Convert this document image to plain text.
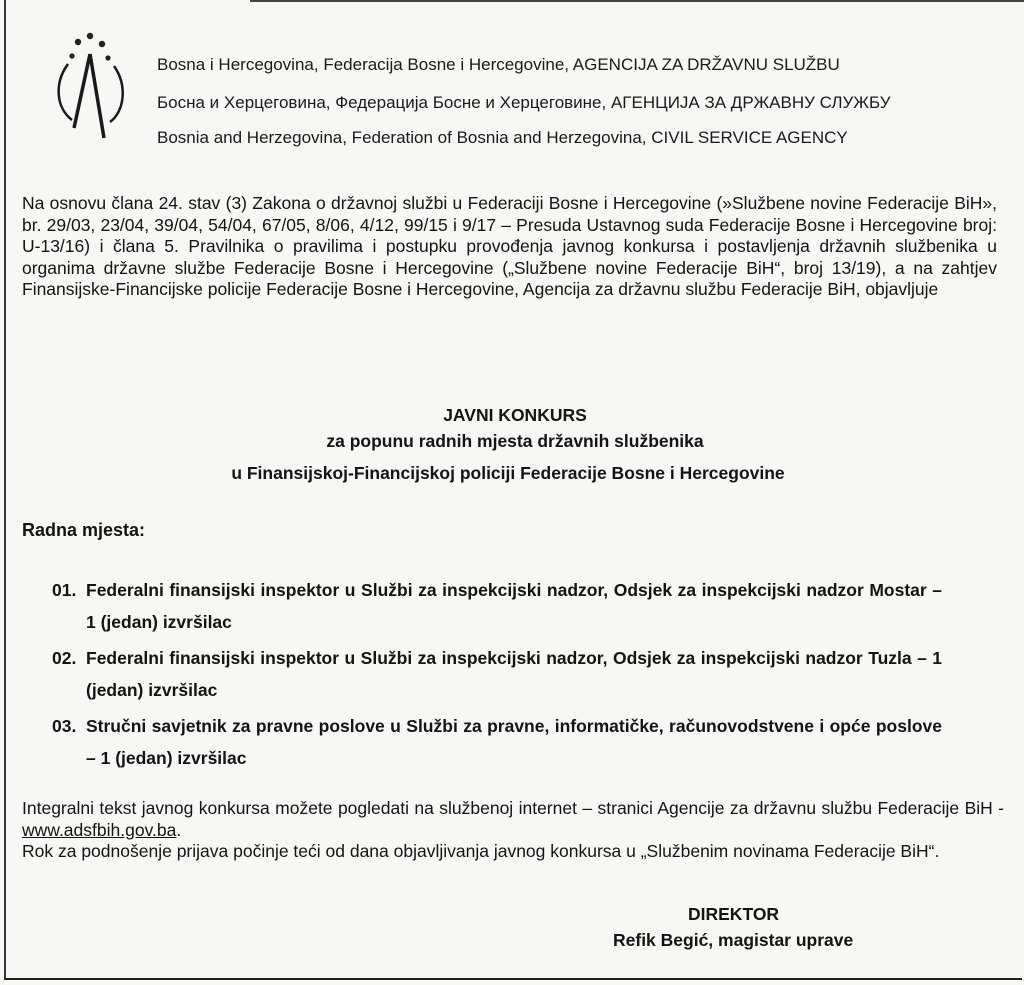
Bosna i Hercegovina, Federacija Bosne i Hercegovine, AGENCIJA ZA DRŽAVNU SLUŽBU
Босна и Херцеговина, Федерација Босне и Херцеговине, АГЕНЦИЈА ЗА ДРЖАВНУ СЛУЖБУ
Bosnia and Herzegovina, Federation of Bosnia and Herzegovina, CIVIL SERVICE AGENCY
Na osnovu člana 24. stav (3) Zakona o državnoj službi u Federaciji Bosne i Hercegovine (»Službene novine Federacije BiH», br. 29/03, 23/04, 39/04, 54/04, 67/05, 8/06, 4/12, 99/15 i 9/17 – Presuda Ustavnog suda Federacije Bosne i Hercegovine broj: U-13/16) i člana 5. Pravilnika o pravilima i postupku provođenja javnog konkursa i postavljenja državnih službenika u organima državne službe Federacije Bosne i Hercegovine („Službene novine Federacije BiH“, broj 13/19), a na zahtjev Finansijske-Financijske policije Federacije Bosne i Hercegovine, Agencija za državnu službu Federacije BiH, objavljuje
JAVNI KONKURS
za popunu radnih mjesta državnih službenika
u Finansijskoj-Financijskoj policiji Federacije Bosne i Hercegovine
Radna mjesta:
01. Federalni finansijski inspektor u Službi za inspekcijski nadzor, Odsjek za inspekcijski nadzor Mostar – 1 (jedan) izvršilac
02. Federalni finansijski inspektor u Službi za inspekcijski nadzor, Odsjek za inspekcijski nadzor Tuzla – 1 (jedan) izvršilac
03. Stručni savjetnik za pravne poslove u Službi za pravne, informatičke, računovodstvene i opće poslove – 1 (jedan) izvršilac

Integralni tekst javnog konkursa možete pogledati na službenoj internet – stranici Agencije za državnu službu Federacije BiH - www.adsfbih.gov.ba.

Rok za podnošenje prijava počinje teći od dana objavljivanja javnog konkursa u „Službenim novinama Federacije BiH“.

DIREKTOR
Refik Begić, magistar uprave
